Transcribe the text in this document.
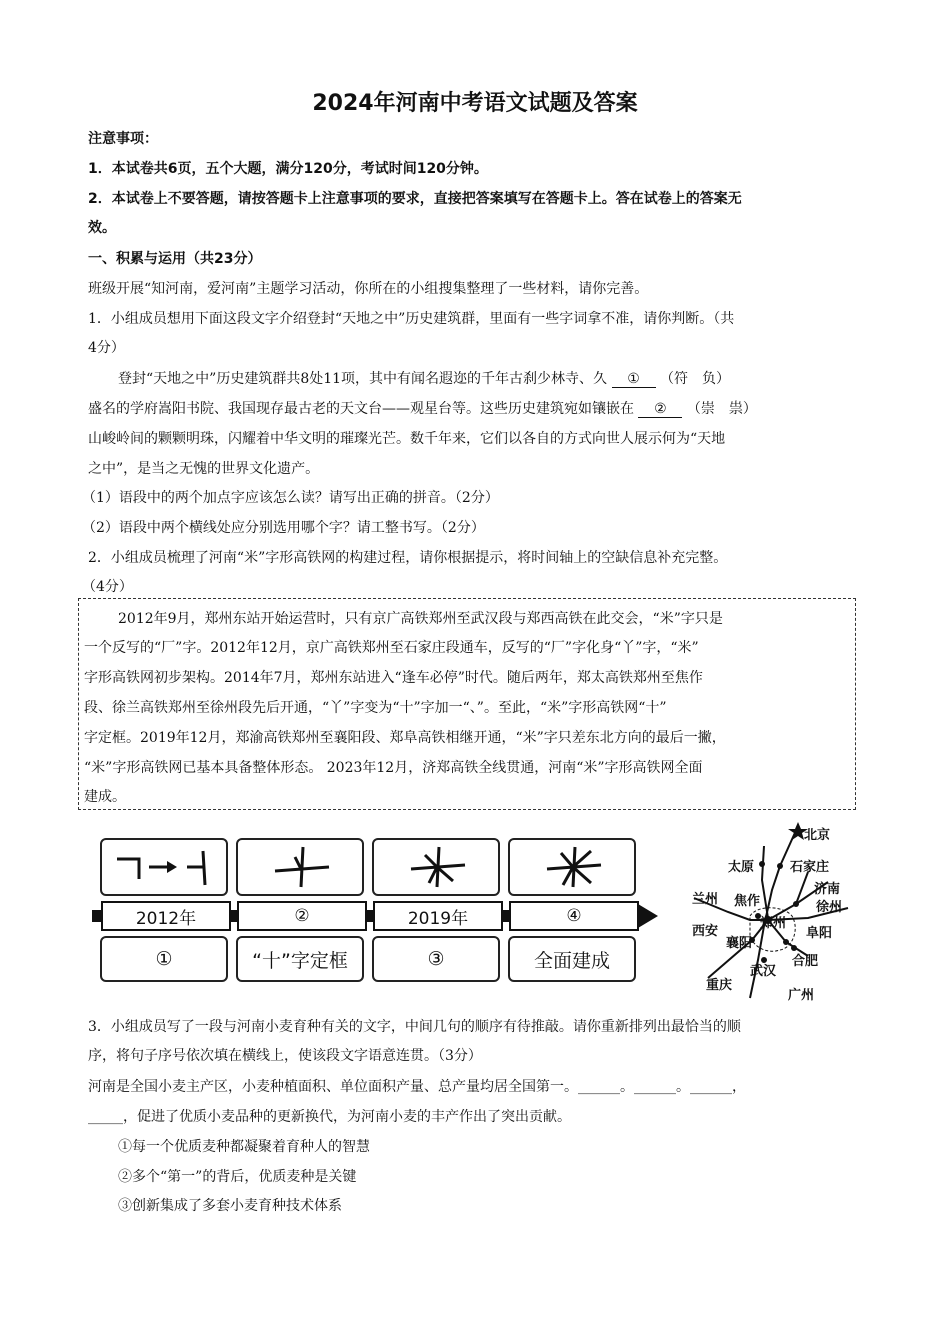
2024年河南中考语文试题及答案
注意事项：
1．本试卷共6页，五个大题，满分120分，考试时间120分钟。
2．本试卷上不要答题，请按答题卡上注意事项的要求，直接把答案填写在答题卡上。答在试卷上的答案无
效。
一、积累与运用（共23分）
班级开展“知河南，爱河南”主题学习活动，你所在的小组搜集整理了一些材料，请你完善。
1．小组成员想用下面这段文字介绍登封“天地之中”历史建筑群，里面有一些字词拿不准，请你判断。（共
4分）
登封“天地之中”历史建筑群共8处11项，其中有闻名遐迩的千年古刹少林寺、久 ① （符　负）
盛名的学府嵩阳书院、我国现存最古老的天文台——观星台等。这些历史建筑宛如镶嵌在 ② （崇　祟）
山峻岭间的颗颗明珠，闪耀着中华文明的璀璨光芒。数千年来，它们以各自的方式向世人展示何为“天地
之中”，是当之无愧的世界文化遗产。
（1）语段中的两个加点字应该怎么读？请写出正确的拼音。（2分）
（2）语段中两个横线处应分别选用哪个字？请工整书写。（2分）
2．小组成员梳理了河南“米”字形高铁网的构建过程，请你根据提示，将时间轴上的空缺信息补充完整。
（4分）
2012年9月，郑州东站开始运营时，只有京广高铁郑州至武汉段与郑西高铁在此交会，“米”字只是
一个反写的“厂”字。2012年12月，京广高铁郑州至石家庄段通车，反写的“厂”字化身“丫”字，“米”
字形高铁网初步架构。2014年7月，郑州东站进入“逢车必停”时代。随后两年，郑太高铁郑州至焦作
段、徐兰高铁郑州至徐州段先后开通，“丫”字变为“十”字加一“、”。至此，“米”字形高铁网“十”
字定框。2019年12月，郑渝高铁郑州至襄阳段、郑阜高铁相继开通，“米”字只差东北方向的最后一撇，
“米”字形高铁网已基本具备整体形态。 2023年12月，济郑高铁全线贯通，河南“米”字形高铁网全面
建成。
2012年	②	2019年	④
①	“十”字定框	③	全面建成
北京
太原	石家庄
济南
兰州 焦作	徐州
西安
郑州
阜阳
襄阳
合肥
武汉
重庆
广州
3．小组成员写了一段与河南小麦育种有关的文字，中间几句的顺序有待推敲。请你重新排列出最恰当的顺
序，将句子序号依次填在横线上，使该段文字语意连贯。（3分）
河南是全国小麦主产区，小麦种植面积、单位面积产量、总产量均居全国第一。______。______。______，
_____，促进了优质小麦品种的更新换代，为河南小麦的丰产作出了突出贡献。
①每一个优质麦种都凝聚着育种人的智慧
②多个“第一”的背后，优质麦种是关键
③创新集成了多套小麦育种技术体系
